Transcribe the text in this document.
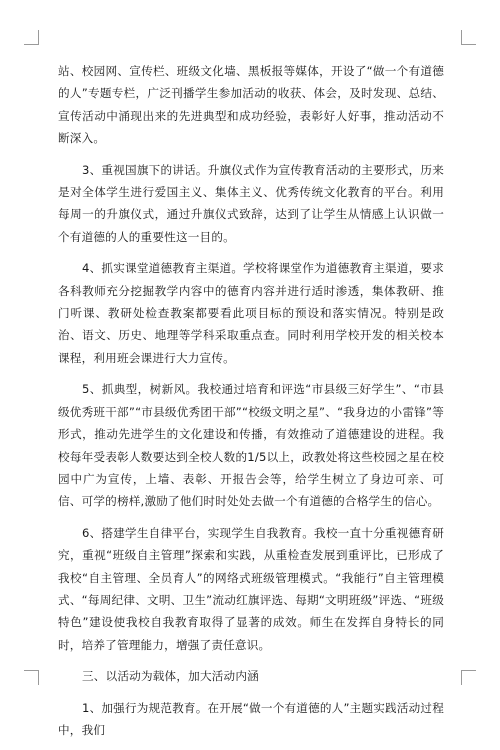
站、校园网、宣传栏、班级文化墙、黑板报等媒体，开设了“做一个有道德的人”专题专栏，广泛刊播学生参加活动的收获、体会，及时发现、总结、宣传活动中涌现出来的先进典型和成功经验，表彰好人好事，推动活动不断深入。

3、重视国旗下的讲话。升旗仪式作为宣传教育活动的主要形式，历来是对全体学生进行爱国主义、集体主义、优秀传统文化教育的平台。利用每周一的升旗仪式，通过升旗仪式致辞，达到了让学生从情感上认识做一个有道德的人的重要性这一目的。

4、抓实课堂道德教育主渠道。学校将课堂作为道德教育主渠道，要求各科教师充分挖掘教学内容中的德育内容并进行适时渗透，集体教研、推门听课、教研处检查教案都要看此项目标的预设和落实情况。特别是政治、语文、历史、地理等学科采取重点查。同时利用学校开发的相关校本课程，利用班会课进行大力宣传。

5、抓典型，树新风。我校通过培育和评选“市县级三好学生”、“市县级优秀班干部”“市县级优秀团干部”“校级文明之星”、“我身边的小雷锋”等形式，推动先进学生的文化建设和传播，有效推动了道德建设的进程。我校每年受表彰人数要达到全校人数的1/5以上，政教处将这些校园之星在校园中广为宣传，上墙、表彰、开报告会等，给学生树立了身边可亲、可信、可学的榜样,激励了他们时时处处去做一个有道德的合格学生的信心。

6、搭建学生自律平台，实现学生自我教育。我校一直十分重视德育研究，重视“班级自主管理”探索和实践，从重检查发展到重评比，已形成了我校“自主管理、全员育人”的网络式班级管理模式。“我能行”自主管理模式、“每周纪律、文明、卫生”流动红旗评选、每期“文明班级”评选、“班级特色”建设使我校自我教育取得了显著的成效。师生在发挥自身特长的同时，培养了管理能力，增强了责任意识。

三、以活动为载体，加大活动内涵

1、加强行为规范教育。在开展“做一个有道德的人”主题实践活动过程中，我们
